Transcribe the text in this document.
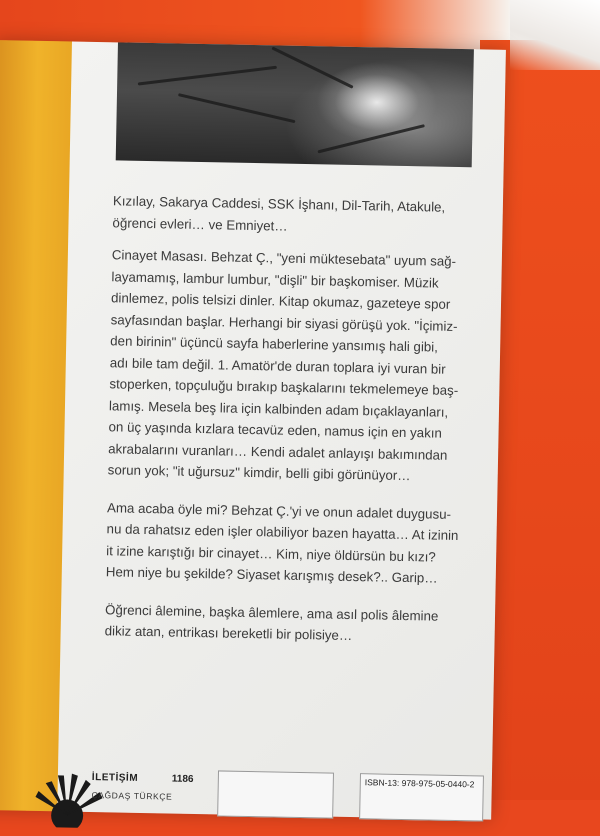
Kızılay, Sakarya Caddesi, SSK İşhanı, Dil-Tarih, Atakule,
öğrenci evleri… ve Emniyet…

Cinayet Masası. Behzat Ç., "yeni müktesebata" uyum sağ-
layamamış, lambur lumbur, "dişli" bir başkomiser. Müzik
dinlemez, polis telsizi dinler. Kitap okumaz, gazeteye spor
sayfasından başlar. Herhangi bir siyasi görüşü yok. "İçimiz-
den birinin" üçüncü sayfa haberlerine yansımış hali gibi,
adı bile tam değil. 1. Amatör'de duran toplara iyi vuran bir
stoperken, topçuluğu bırakıp başkalarını tekmelemeye baş-
lamış. Mesela beş lira için kalbinden adam bıçaklayanları,
on üç yaşında kızlara tecavüz eden, namus için en yakın
akrabalarını vuranları… Kendi adalet anlayışı bakımından
sorun yok; "it uğursuz" kimdir, belli gibi görünüyor…

Ama acaba öyle mi? Behzat Ç.'yi ve onun adalet duygusu-
nu da rahatsız eden işler olabiliyor bazen hayatta… At izinin
it izine karıştığı bir cinayet… Kim, niye öldürsün bu kızı?
Hem niye bu şekilde? Siyaset karışmış desek?.. Garip…

Öğrenci âlemine, başka âlemlere, ama asıl polis âlemine
dikiz atan, entrikası bereketli bir polisiye…

İLETİŞİM	1186
ÇAĞDAŞ TÜRKÇE
ISBN-13: 978-975-05-0440-2
